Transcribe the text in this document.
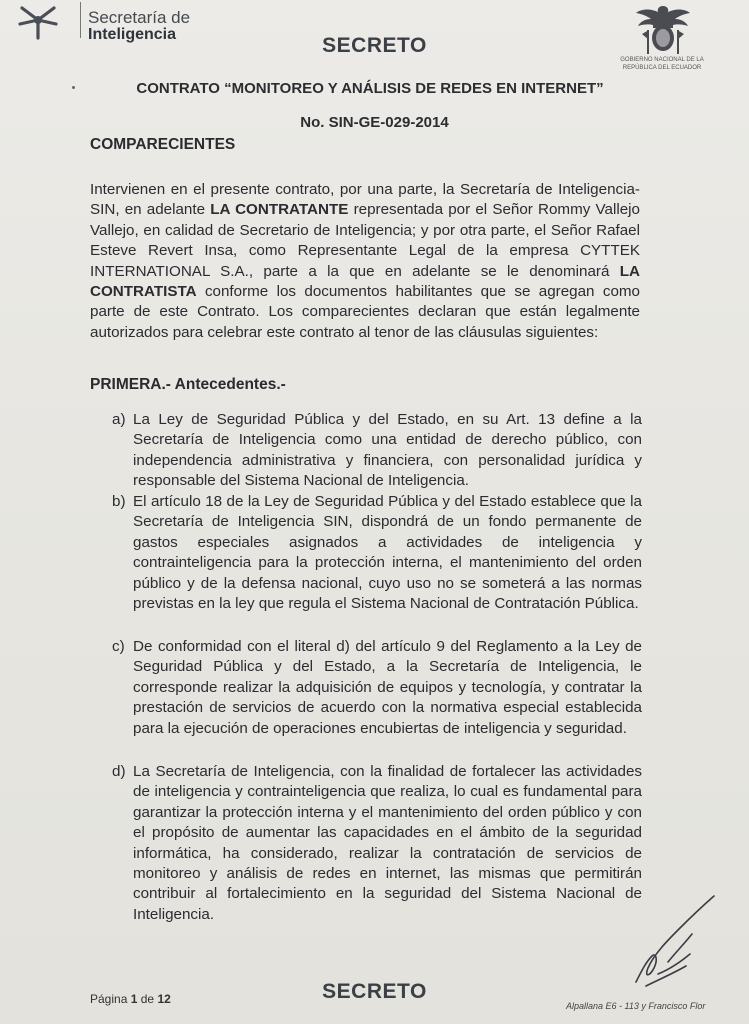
Secretaría de
Inteligencia
GOBIERNO NACIONAL DE LA REPÚBLICA DEL ECUADOR
SECRETO
CONTRATO “MONITOREO Y ANÁLISIS DE REDES EN INTERNET”
No. SIN-GE-029-2014
COMPARECIENTES

Intervienen en el presente contrato, por una parte, la Secretaría de Inteligencia-SIN, en adelante LA CONTRATANTE representada por el Señor Rommy Vallejo Vallejo, en calidad de Secretario de Inteligencia; y por otra parte, el Señor Rafael Esteve Revert Insa, como Representante Legal de la empresa CYTTEK INTERNATIONAL S.A., parte a la que en adelante se le denominará LA CONTRATISTA conforme los documentos habilitantes que se agregan como parte de este Contrato. Los comparecientes declaran que están legalmente autorizados para celebrar este contrato al tenor de las cláusulas siguientes:

PRIMERA.- Antecedentes.-
a) La Ley de Seguridad Pública y del Estado, en su Art. 13 define a la Secretaría de Inteligencia como una entidad de derecho público, con independencia administrativa y financiera, con personalidad jurídica y responsable del Sistema Nacional de Inteligencia.
b) El artículo 18 de la Ley de Seguridad Pública y del Estado establece que la Secretaría de Inteligencia SIN, dispondrá de un fondo permanente de gastos especiales asignados a actividades de inteligencia y contrainteligencia para la protección interna, el mantenimiento del orden público y de la defensa nacional, cuyo uso no se someterá a las normas previstas en la ley que regula el Sistema Nacional de Contratación Pública.
c) De conformidad con el literal d) del artículo 9 del Reglamento a la Ley de Seguridad Pública y del Estado, a la Secretaría de Inteligencia, le corresponde realizar la adquisición de equipos y tecnología, y contratar la prestación de servicios de acuerdo con la normativa especial establecida para la ejecución de operaciones encubiertas de inteligencia y seguridad.
d) La Secretaría de Inteligencia, con la finalidad de fortalecer las actividades de inteligencia y contrainteligencia que realiza, lo cual es fundamental para garantizar la protección interna y el mantenimiento del orden público y con el propósito de aumentar las capacidades en el ámbito de la seguridad informática, ha considerado, realizar la contratación de servicios de monitoreo y análisis de redes en internet, las mismas que permitirán contribuir al fortalecimiento en la seguridad del Sistema Nacional de Inteligencia.
Página 1 de 12	SECRETO
Alpallana E6 - 113 y Francisco Flor
